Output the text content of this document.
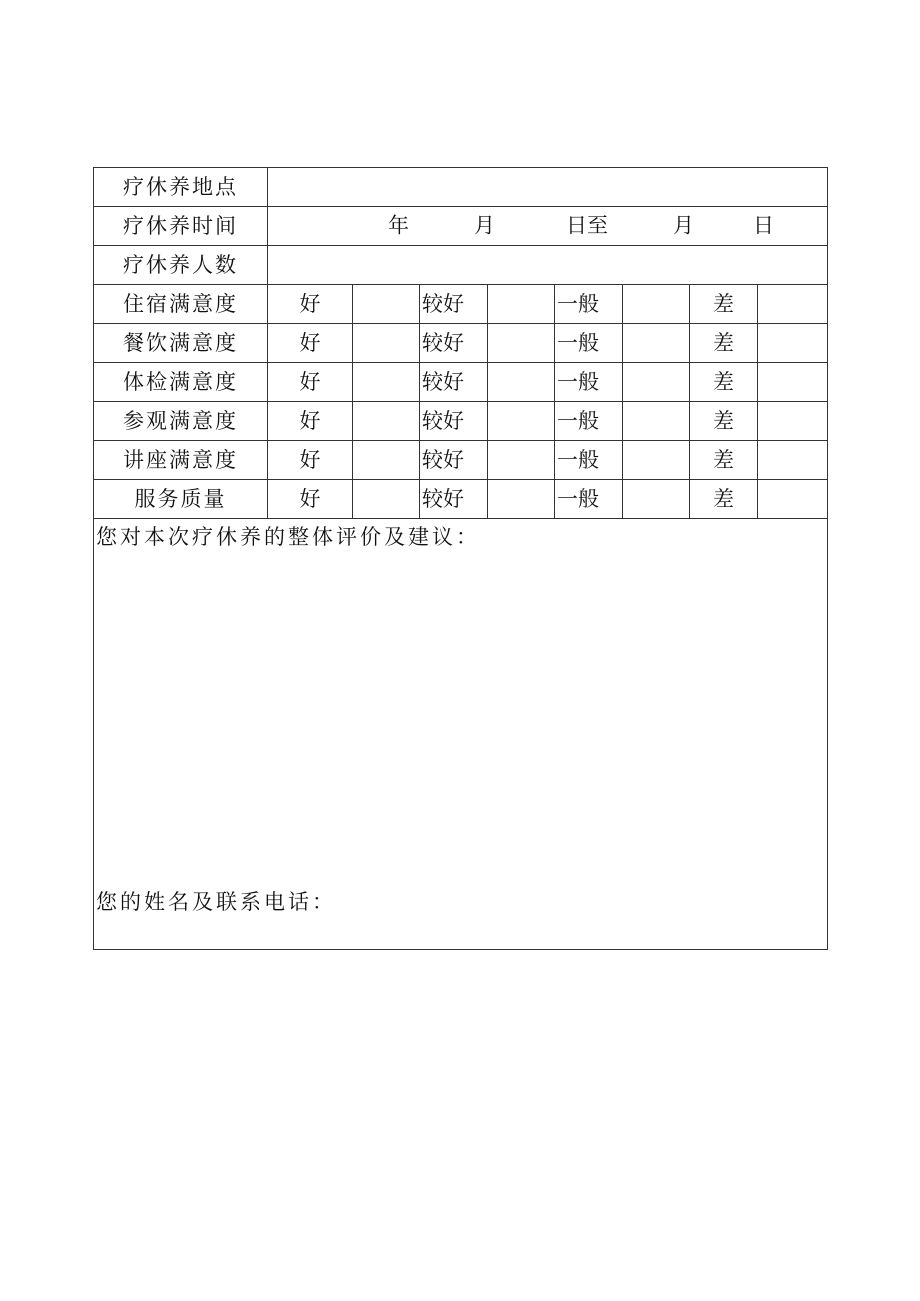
疗休养地点								
疗休养时间	年 月 日至 月 日							

疗休养人数								
住宿满意度	好		较好		一般		差	
餐饮满意度	好		较好		一般		差	
体检满意度	好		较好		一般		差	
参观满意度	好		较好		一般		差	
讲座满意度	好		较好		一般		差	
服务质量	好		较好		一般		差	

您对本次疗休养的整体评价及建议：
您的姓名及联系电话：								
